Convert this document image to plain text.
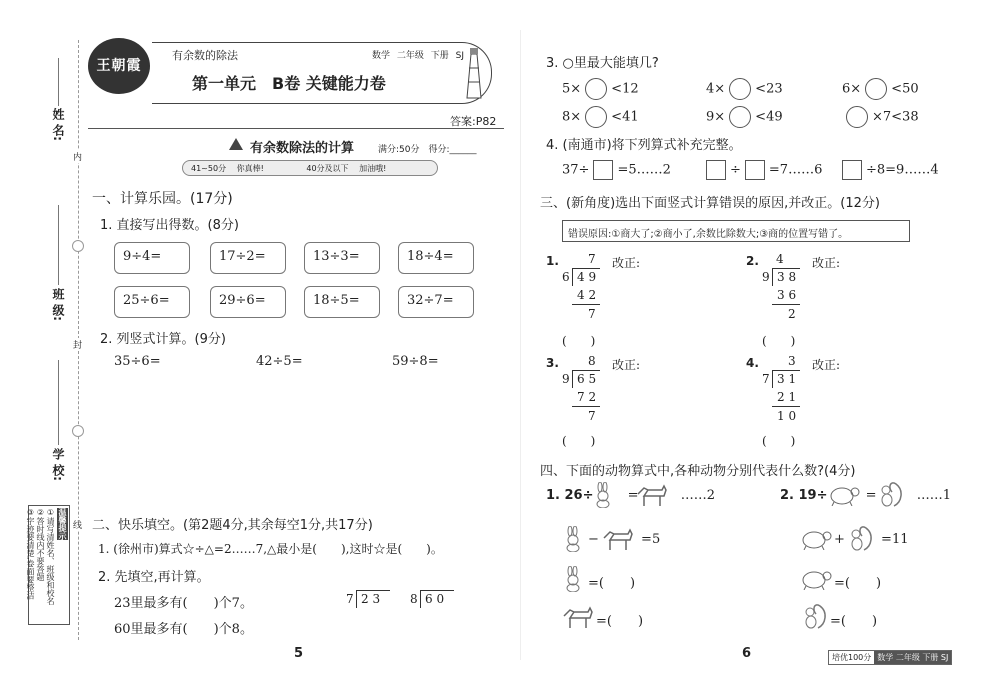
姓 名:
班 级:
学 校:
内
封
线
温馨提示
①请写清姓名、班级和校名
②答时线内不要答题
③字迹要清楚,卷面要整洁
王朝霞
有余数的除法	数学 二年级 下册 SJ
第一单元　B卷 关键能力卷
答案:P82
有余数除法的计算	满分:50分　得分:______
41~50分 你真棒!	40分及以下 加油哦!
一、计算乐园。(17分)
1. 直接写出得数。(8分)
9÷4=	17÷2=	13÷3=	18÷4=
25÷6=	29÷6=	18÷5=	32÷7=
2. 列竖式计算。(9分)
35÷6=	42÷5=	59÷8=
二、快乐填空。(第2题4分,其余每空1分,共17分)
1. (徐州市)算式☆÷△=2……7,△最小是(　　),这时☆是(　　)。
2. 先填空,再计算。
23里最多有(　　)个7。
60里最多有(　　)个8。
7 2 3 8 6 0
5
3. ○里最大能填几?
5× <12	4× <23	6× <50
8× <41	9× <49	×7<38
4. (南通市)将下列算式补充完整。
37÷ =5……2	÷ =7……6	÷8=9……4
三、(新角度)选出下面竖式计算错误的原因,并改正。(12分)
错误原因:①商大了;②商小了,余数比除数大;③商的位置写错了。
1. 7
6 4 9
4 2
7
改正:
(　　)
2. 4
9 3 8
3 6
2
改正:
(　　)
3. 8
9 6 5
7 2
7
改正:
(　　)
4. 3
7 3 1
2 1
1 0
改正:
(　　)
四、下面的动物算式中,各种动物分别代表什么数?(4分)
1. 26÷	=	……2
−	=5
=(　　)
=(　　)
2. 19÷	=	……1
+	=11
=(　　)
=(　　)
6	培优100分 数学 二年级 下册 SJ
